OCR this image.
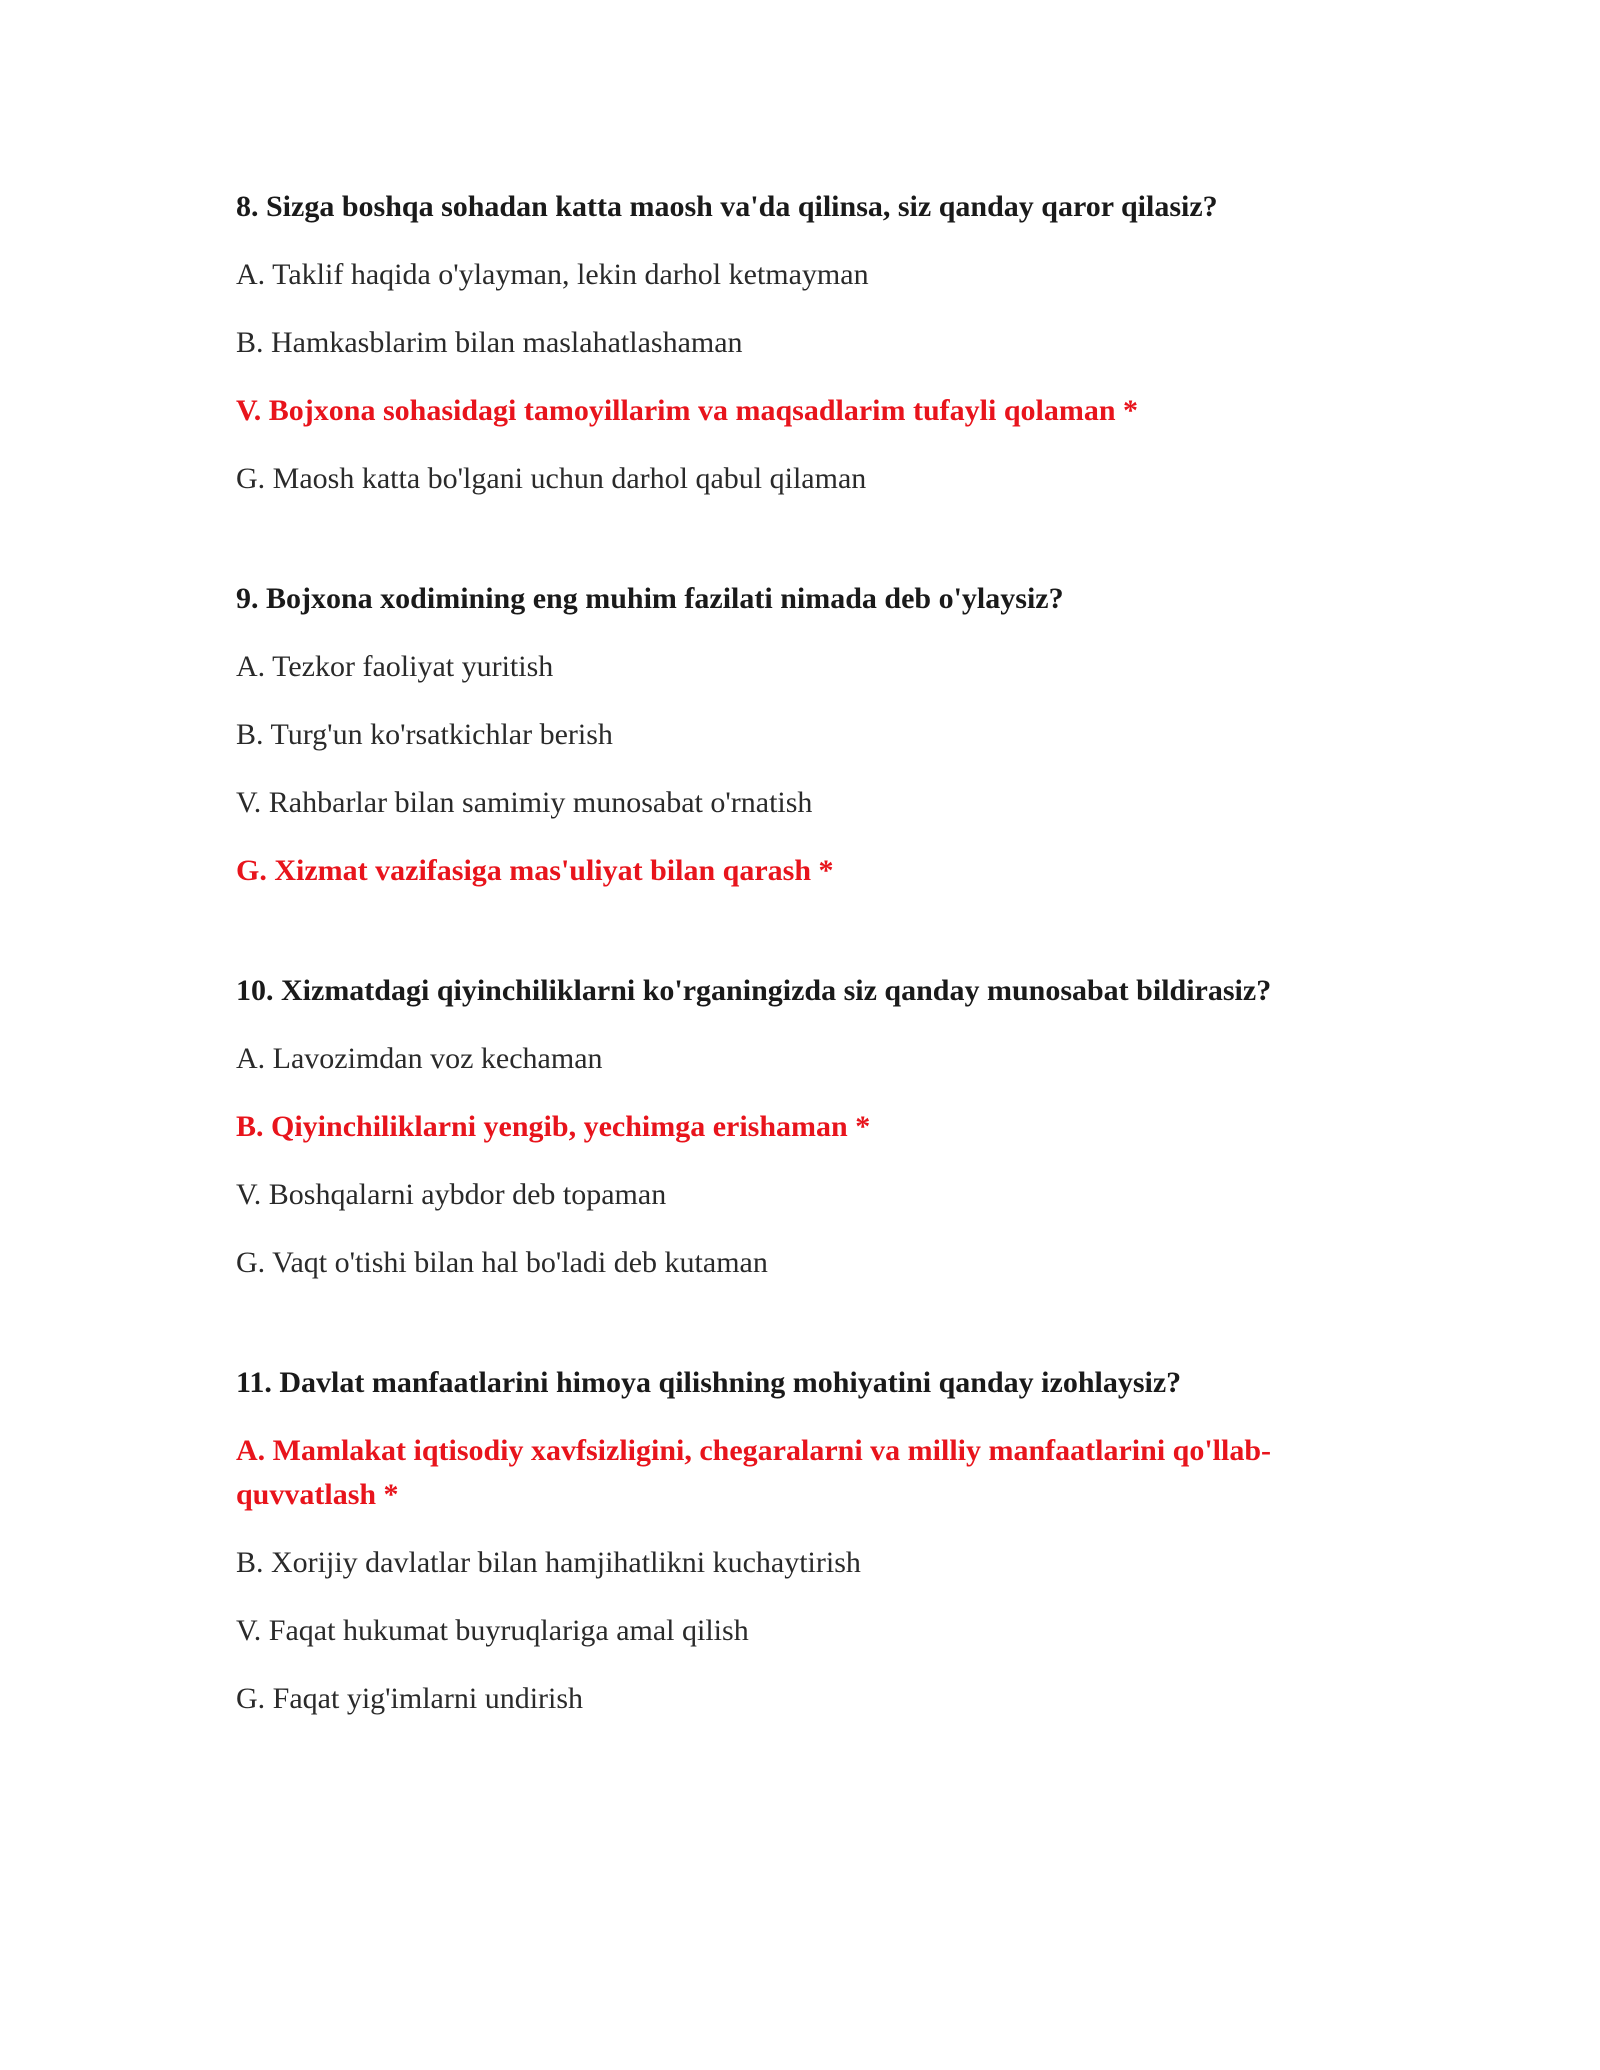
8. Sizga boshqa sohadan katta maosh va'da qilinsa, siz qanday qaror qilasiz?
A. Taklif haqida o'ylayman, lekin darhol ketmayman
B. Hamkasblarim bilan maslahatlashaman
V. Bojxona sohasidagi tamoyillarim va maqsadlarim tufayli qolaman *
G. Maosh katta bo'lgani uchun darhol qabul qilaman
9. Bojxona xodimining eng muhim fazilati nimada deb o'ylaysiz?
A. Tezkor faoliyat yuritish
B. Turg'un ko'rsatkichlar berish
V. Rahbarlar bilan samimiy munosabat o'rnatish
G. Xizmat vazifasiga mas'uliyat bilan qarash *
10. Xizmatdagi qiyinchiliklarni ko'rganingizda siz qanday munosabat bildirasiz?
A. Lavozimdan voz kechaman
B. Qiyinchiliklarni yengib, yechimga erishaman *
V. Boshqalarni aybdor deb topaman
G. Vaqt o'tishi bilan hal bo'ladi deb kutaman
11. Davlat manfaatlarini himoya qilishning mohiyatini qanday izohlaysiz?
A. Mamlakat iqtisodiy xavfsizligini, chegaralarni va milliy manfaatlarini qo'llab-quvvatlash *
B. Xorijiy davlatlar bilan hamjihatlikni kuchaytirish
V. Faqat hukumat buyruqlariga amal qilish
G. Faqat yig'imlarni undirish
